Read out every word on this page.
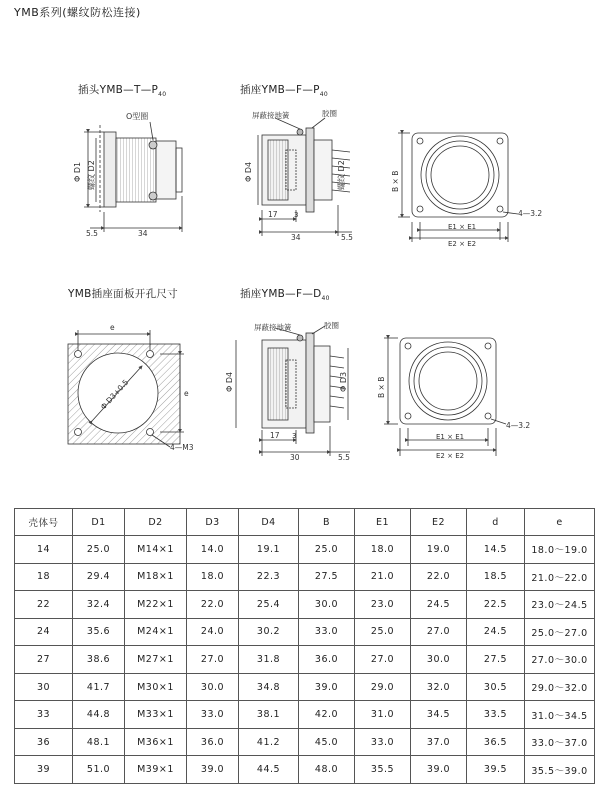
YMB系列(螺纹防松连接)
插头$YMB—T—P_{40}$	插座$YMB—F—P_{40}$
YMB插座面板开孔尺寸	插座$YMB—F—D_{40}$
O型圈
Φ D1 螺纹 D2
5.5	34
屏蔽接地簧	胶圈
Φ D4	螺纹 D2
17 3
34	5.5
B × B
E1 × E1
E2 × E2
4—3.2
e
e
Φ D3+0.5
4—M3
屏蔽接地簧	胶圈
Φ D4	Φ D3
17 3
30	5.5
B × B
E1 × E1
E2 × E2
4—3.2
壳体号	D1	D2	D3	D4	B	E1	E2	d	e
14	25.0	M14×1	14.0	19.1	25.0	18.0	19.0	14.5	18.0～19.0
18	29.4	M18×1	18.0	22.3	27.5	21.0	22.0	18.5	21.0～22.0
22	32.4	M22×1	22.0	25.4	30.0	23.0	24.5	22.5	23.0～24.5
24	35.6	M24×1	24.0	30.2	33.0	25.0	27.0	24.5	25.0～27.0
27	38.6	M27×1	27.0	31.8	36.0	27.0	30.0	27.5	27.0～30.0
30	41.7	M30×1	30.0	34.8	39.0	29.0	32.0	30.5	29.0～32.0
33	44.8	M33×1	33.0	38.1	42.0	31.0	34.5	33.5	31.0～34.5
36	48.1	M36×1	36.0	41.2	45.0	33.0	37.0	36.5	33.0～37.0
39	51.0	M39×1	39.0	44.5	48.0	35.5	39.0	39.5	35.5～39.0
